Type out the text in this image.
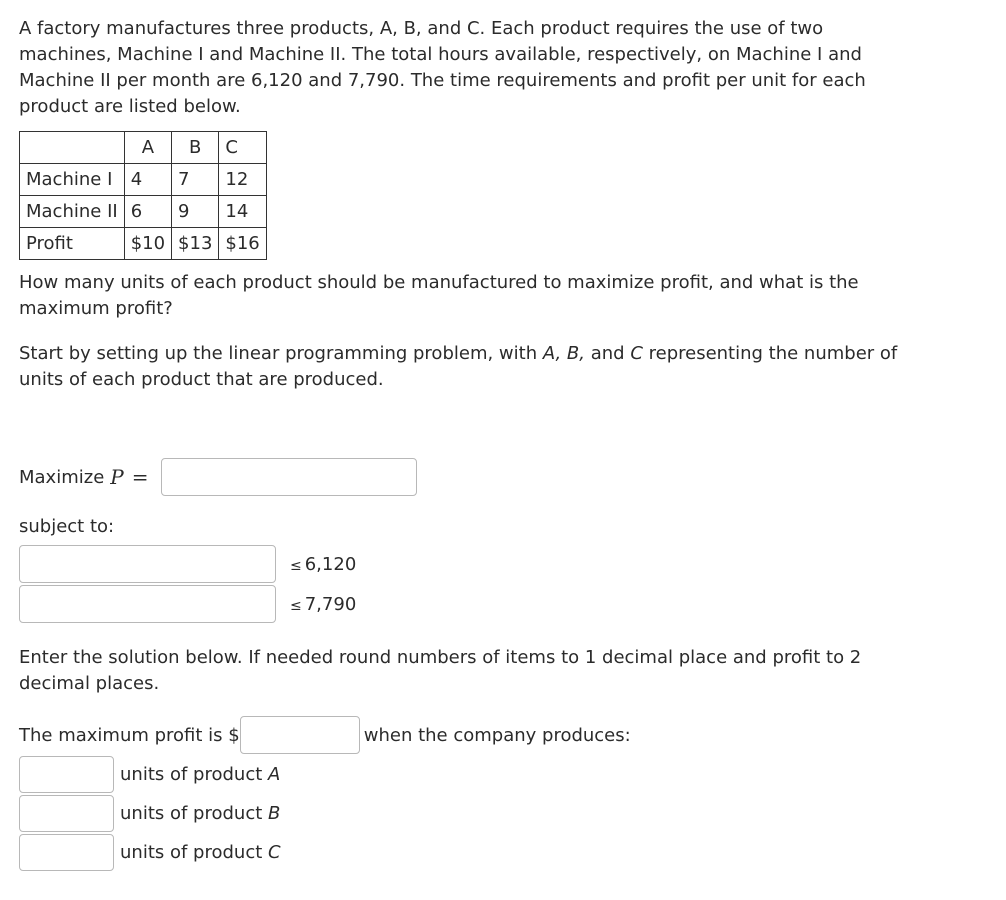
A factory manufactures three products, A, B, and C. Each product requires the use of two machines, Machine I and Machine II. The total hours available, respectively, on Machine I and Machine II per month are 6,120 and 7,790. The time requirements and profit per unit for each product are listed below.

	A	B	C
Machine I	4	7	12
Machine II	6	9	14
Profit	$10	$13	$16

How many units of each product should be manufactured to maximize profit, and what is the maximum profit?

Start by setting up the linear programming problem, with A, B, and C representing the number of units of each product that are produced.

Maximize P =
subject to:
≤ 6,120
≤ 7,790

Enter the solution below. If needed round numbers of items to 1 decimal place and profit to 2 decimal places.

The maximum profit is $	when the company produces:
units of product A
units of product B
units of product C
